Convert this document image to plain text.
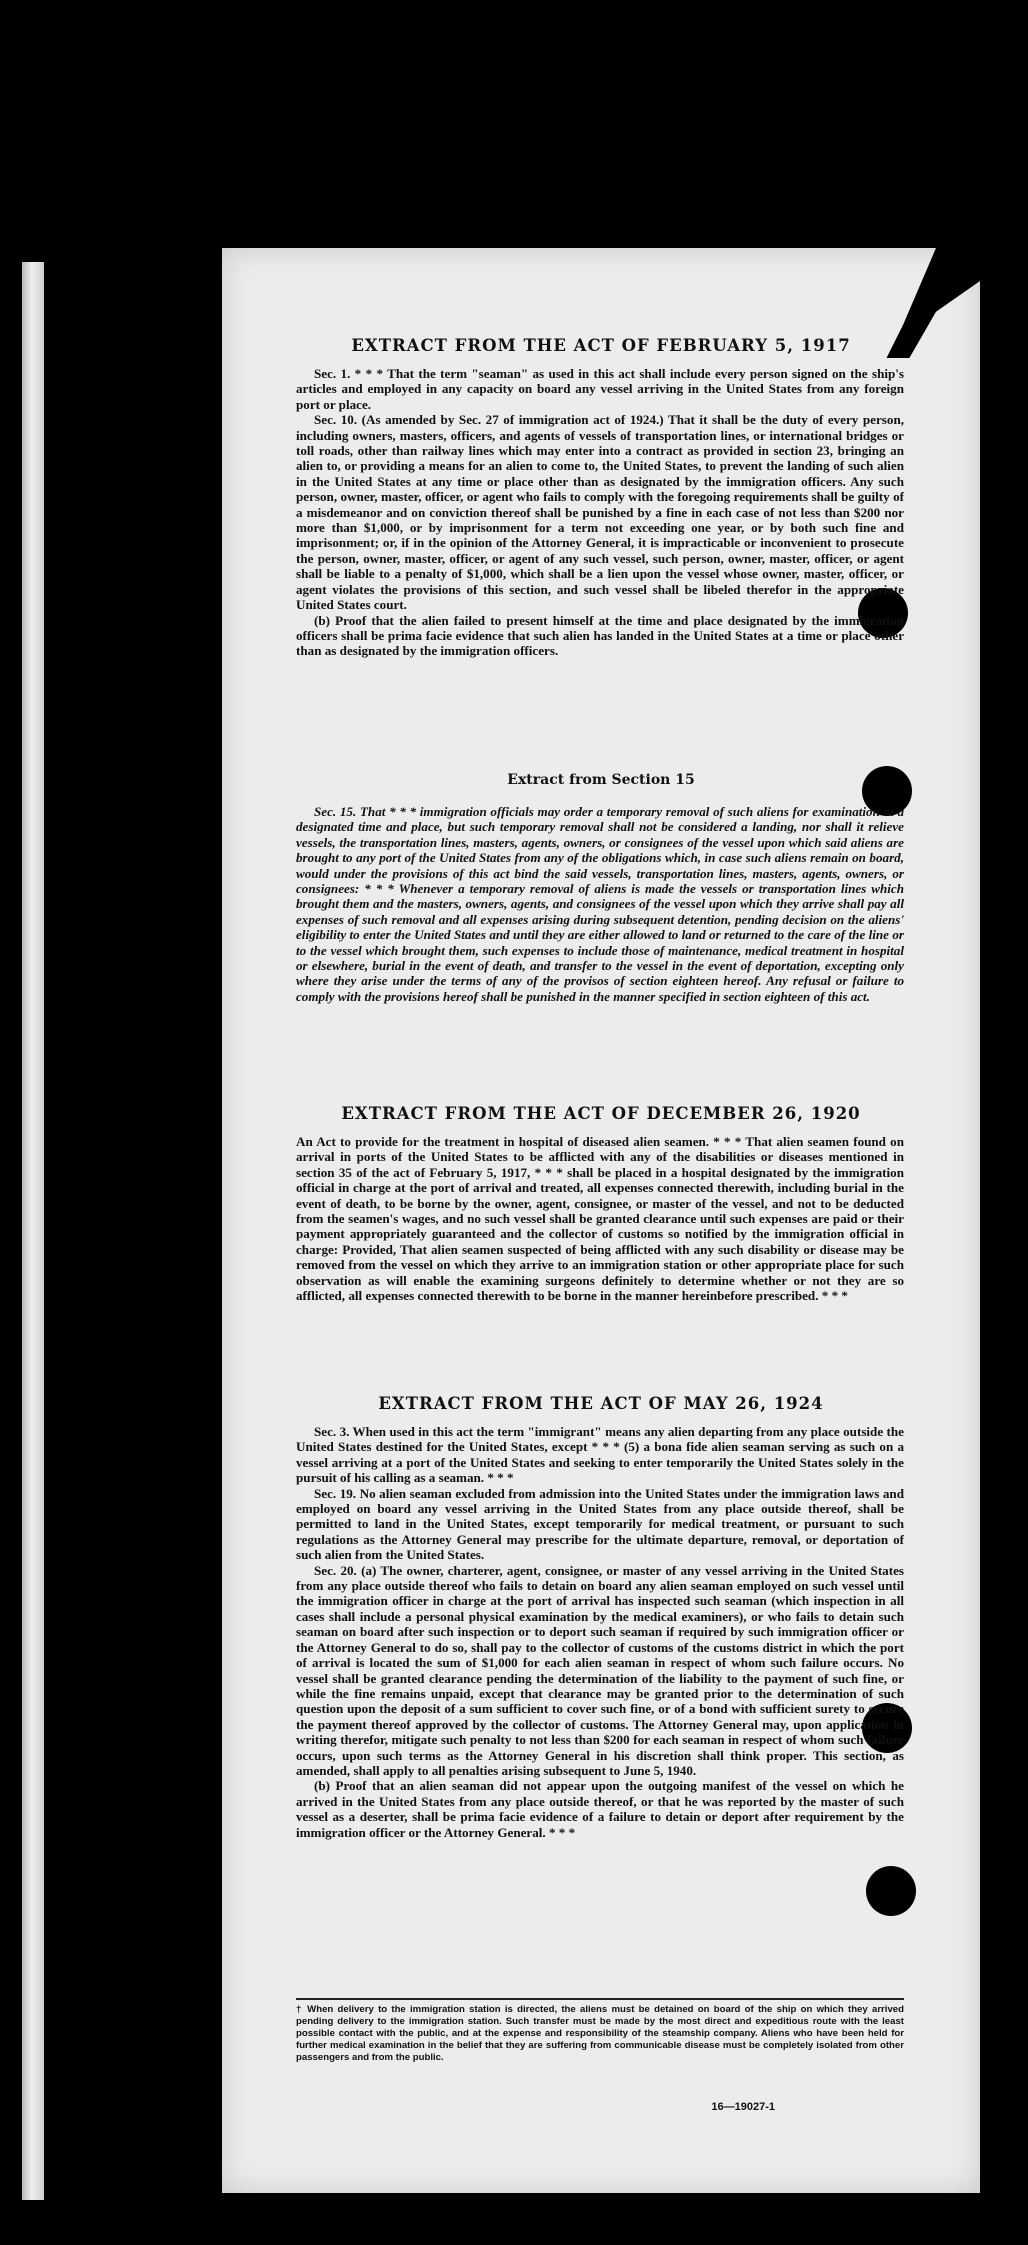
EXTRACT FROM THE ACT OF FEBRUARY 5, 1917

Sec. 1. * * * That the term "seaman" as used in this act shall include every person signed on the ship's articles and employed in any capacity on board any vessel arriving in the United States from any foreign port or place.

Sec. 10. (As amended by Sec. 27 of immigration act of 1924.) That it shall be the duty of every person, including owners, masters, officers, and agents of vessels of transportation lines, or international bridges or toll roads, other than railway lines which may enter into a contract as provided in section 23, bringing an alien to, or providing a means for an alien to come to, the United States, to prevent the landing of such alien in the United States at any time or place other than as designated by the immigration officers. Any such person, owner, master, officer, or agent who fails to comply with the foregoing requirements shall be guilty of a misdemeanor and on conviction thereof shall be punished by a fine in each case of not less than $200 nor more than $1,000, or by imprisonment for a term not exceeding one year, or by both such fine and imprisonment; or, if in the opinion of the Attorney General, it is impracticable or inconvenient to prosecute the person, owner, master, officer, or agent of any such vessel, such person, owner, master, officer, or agent shall be liable to a penalty of $1,000, which shall be a lien upon the vessel whose owner, master, officer, or agent violates the provisions of this section, and such vessel shall be libeled therefor in the appropriate United States court.

(b) Proof that the alien failed to present himself at the time and place designated by the immigration officers shall be prima facie evidence that such alien has landed in the United States at a time or place other than as designated by the immigration officers.

Extract from Section 15

Sec. 15. That * * * immigration officials may order a temporary removal of such aliens for examination at a designated time and place, but such temporary removal shall not be considered a landing, nor shall it relieve vessels, the transportation lines, masters, agents, owners, or consignees of the vessel upon which said aliens are brought to any port of the United States from any of the obligations which, in case such aliens remain on board, would under the provisions of this act bind the said vessels, transportation lines, masters, agents, owners, or consignees: * * * Whenever a temporary removal of aliens is made the vessels or transportation lines which brought them and the masters, owners, agents, and consignees of the vessel upon which they arrive shall pay all expenses of such removal and all expenses arising during subsequent detention, pending decision on the aliens' eligibility to enter the United States and until they are either allowed to land or returned to the care of the line or to the vessel which brought them, such expenses to include those of maintenance, medical treatment in hospital or elsewhere, burial in the event of death, and transfer to the vessel in the event of deportation, excepting only where they arise under the terms of any of the provisos of section eighteen hereof. Any refusal or failure to comply with the provisions hereof shall be punished in the manner specified in section eighteen of this act.

EXTRACT FROM THE ACT OF DECEMBER 26, 1920

An Act to provide for the treatment in hospital of diseased alien seamen. * * * That alien seamen found on arrival in ports of the United States to be afflicted with any of the disabilities or diseases mentioned in section 35 of the act of February 5, 1917, * * * shall be placed in a hospital designated by the immigration official in charge at the port of arrival and treated, all expenses connected therewith, including burial in the event of death, to be borne by the owner, agent, consignee, or master of the vessel, and not to be deducted from the seamen's wages, and no such vessel shall be granted clearance until such expenses are paid or their payment appropriately guaranteed and the collector of customs so notified by the immigration official in charge: Provided, That alien seamen suspected of being afflicted with any such disability or disease may be removed from the vessel on which they arrive to an immigration station or other appropriate place for such observation as will enable the examining surgeons definitely to determine whether or not they are so afflicted, all expenses connected therewith to be borne in the manner hereinbefore prescribed. * * *

EXTRACT FROM THE ACT OF MAY 26, 1924

Sec. 3. When used in this act the term "immigrant" means any alien departing from any place outside the United States destined for the United States, except * * * (5) a bona fide alien seaman serving as such on a vessel arriving at a port of the United States and seeking to enter temporarily the United States solely in the pursuit of his calling as a seaman. * * *

Sec. 19. No alien seaman excluded from admission into the United States under the immigration laws and employed on board any vessel arriving in the United States from any place outside thereof, shall be permitted to land in the United States, except temporarily for medical treatment, or pursuant to such regulations as the Attorney General may prescribe for the ultimate departure, removal, or deportation of such alien from the United States.

Sec. 20. (a) The owner, charterer, agent, consignee, or master of any vessel arriving in the United States from any place outside thereof who fails to detain on board any alien seaman employed on such vessel until the immigration officer in charge at the port of arrival has inspected such seaman (which inspection in all cases shall include a personal physical examination by the medical examiners), or who fails to detain such seaman on board after such inspection or to deport such seaman if required by such immigration officer or the Attorney General to do so, shall pay to the collector of customs of the customs district in which the port of arrival is located the sum of $1,000 for each alien seaman in respect of whom such failure occurs. No vessel shall be granted clearance pending the determination of the liability to the payment of such fine, or while the fine remains unpaid, except that clearance may be granted prior to the determination of such question upon the deposit of a sum sufficient to cover such fine, or of a bond with sufficient surety to secure the payment thereof approved by the collector of customs. The Attorney General may, upon application in writing therefor, mitigate such penalty to not less than $200 for each seaman in respect of whom such failure occurs, upon such terms as the Attorney General in his discretion shall think proper. This section, as amended, shall apply to all penalties arising subsequent to June 5, 1940.

(b) Proof that an alien seaman did not appear upon the outgoing manifest of the vessel on which he arrived in the United States from any place outside thereof, or that he was reported by the master of such vessel as a deserter, shall be prima facie evidence of a failure to detain or deport after requirement by the immigration officer or the Attorney General. * * *

† When delivery to the immigration station is directed, the aliens must be detained on board of the ship on which they arrived pending delivery to the immigration station. Such transfer must be made by the most direct and expeditious route with the least possible contact with the public, and at the expense and responsibility of the steamship company. Aliens who have been held for further medical examination in the belief that they are suffering from communicable disease must be completely isolated from other passengers and from the public.
16—19027-1
